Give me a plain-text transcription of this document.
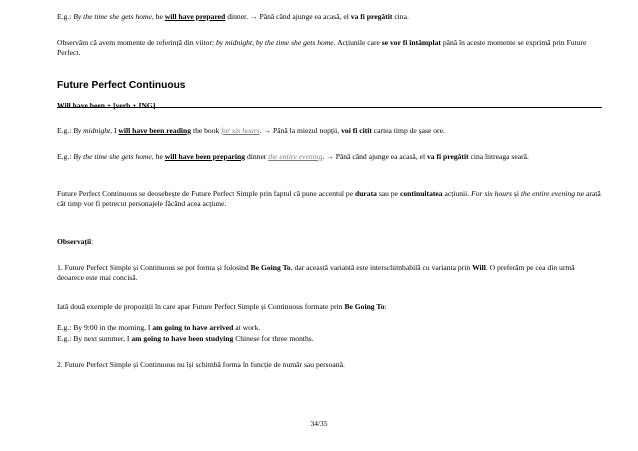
E.g.: By the time she gets home, he will have prepared dinner. → Până când ajunge ea acasă, el va fi pregătit cina.

Observăm că avem momente de referință din viitor: by midnight, by the time she gets home. Acțiunile care se vor fi întâmplat până în aceste momente se exprimă prin Future Perfect.

Future Perfect Continuous
Will have been + [verb + ING]

E.g.: By midnight, I will have been reading the book for six hours. → Până la miezul nopții, voi fi citit cartea timp de șase ore.

E.g.: By the time she gets home, he will have been preparing dinner the entire evening. → Până când ajunge ea acasă, el va fi pregătit cina întreaga seară.

Future Perfect Continuous se deosebește de Future Perfect Simple prin faptul că pune accentul pe durata sau pe continuitatea acțiunii. For six hours și the entire evening ne arată cât timp vor fi petrecut personajele făcând acea acțiune.

Observații:

1. Future Perfect Simple și Continuous se pot forma și folosind Be Going To, dar această variantă este interschimbabilă cu varianta prin Will. O preferăm pe cea din urmă deoarece este mai concisă.

Iată două exemple de propoziții în care apar Future Perfect Simple și Continuous formate prin Be Going To:

E.g.: By 9:00 in the morning, I am going to have arrived at work.

E.g.: By next summer, I am going to have been studying Chinese for three months.

2. Future Perfect Simple și Continuous nu își schimbă forma în funcție de număr sau persoană.

34/35
